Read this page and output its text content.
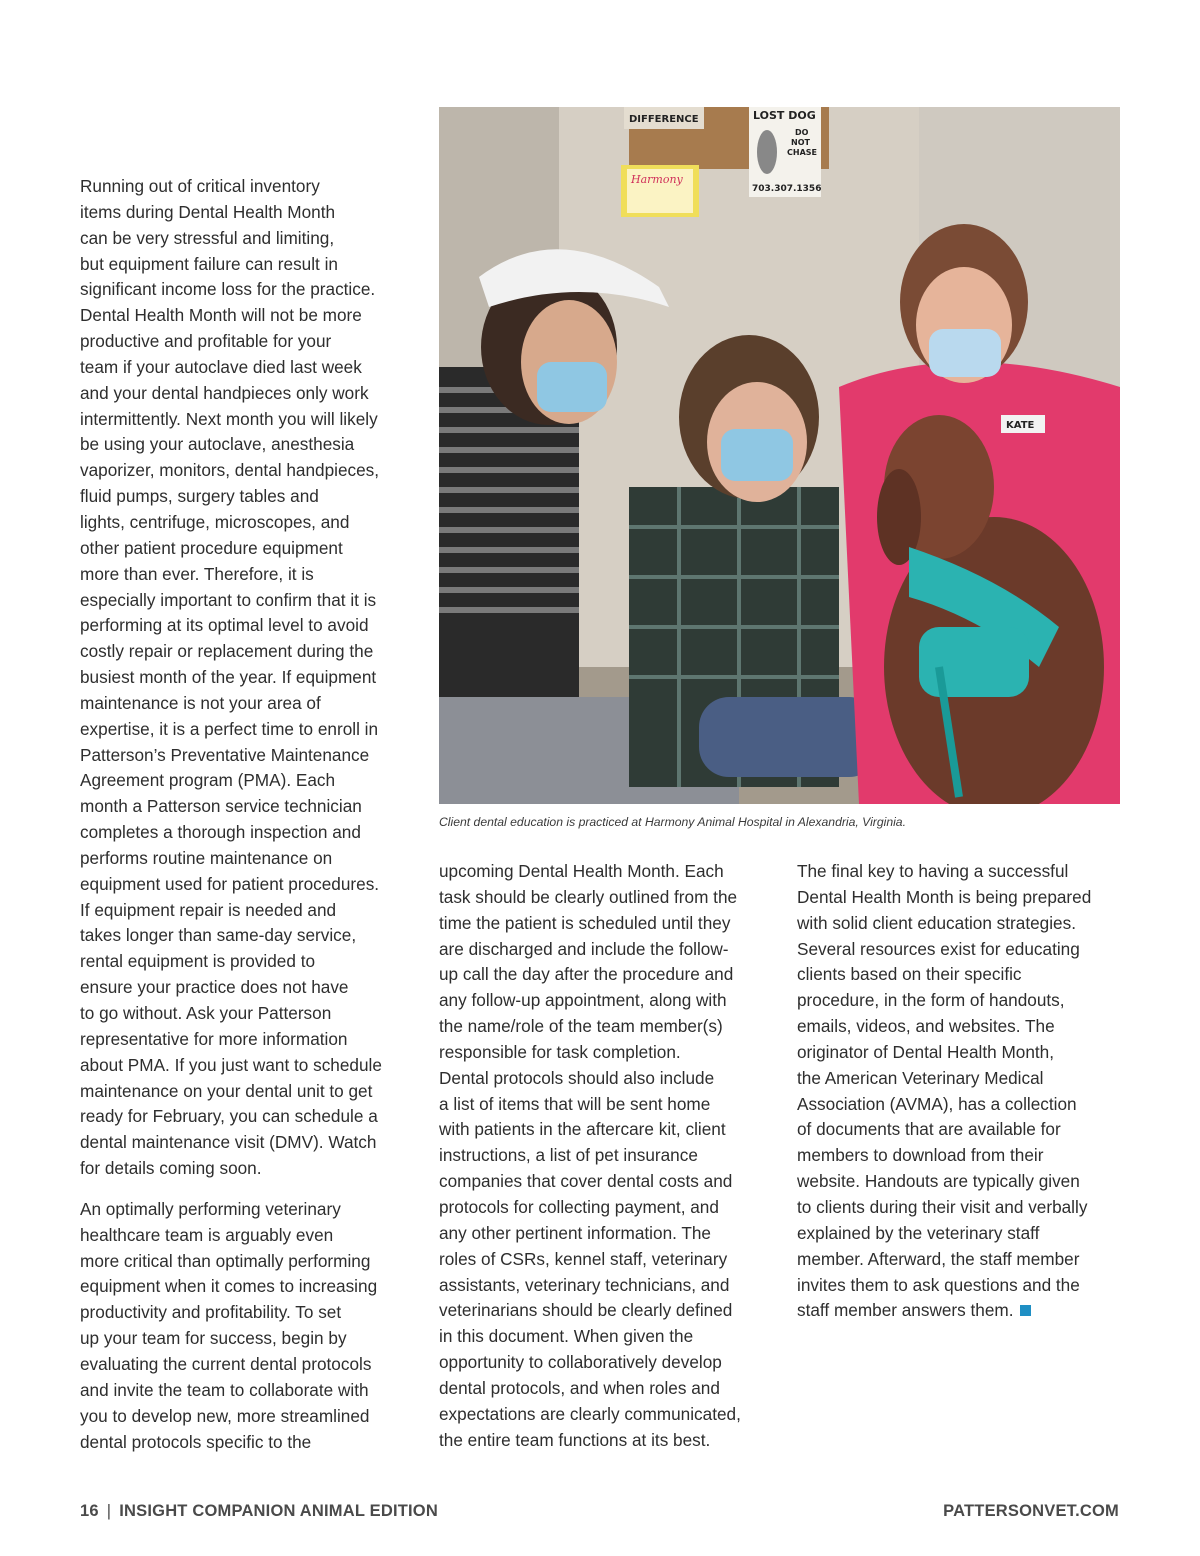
Running out of critical inventory
items during Dental Health Month
can be very stressful and limiting,
but equipment failure can result in
significant income loss for the practice.
Dental Health Month will not be more
productive and profitable for your
team if your autoclave died last week
and your dental handpieces only work
intermittently. Next month you will likely
be using your autoclave, anesthesia
vaporizer, monitors, dental handpieces,
fluid pumps, surgery tables and
lights, centrifuge, microscopes, and
other patient procedure equipment
more than ever. Therefore, it is
especially important to confirm that it is
performing at its optimal level to avoid
costly repair or replacement during the
busiest month of the year. If equipment
maintenance is not your area of
expertise, it is a perfect time to enroll in
Patterson’s Preventative Maintenance
Agreement program (PMA). Each
month a Patterson service technician
completes a thorough inspection and
performs routine maintenance on
equipment used for patient procedures.
If equipment repair is needed and
takes longer than same-day service,
rental equipment is provided to
ensure your practice does not have
to go without. Ask your Patterson
representative for more information
about PMA. If you just want to schedule
maintenance on your dental unit to get
ready for February, you can schedule a
dental maintenance visit (DMV). Watch
for details coming soon.

An optimally performing veterinary
healthcare team is arguably even
more critical than optimally performing
equipment when it comes to increasing
productivity and profitability. To set
up your team for success, begin by
evaluating the current dental protocols
and invite the team to collaborate with
you to develop new, more streamlined
dental protocols specific to the

DIFFERENCE
Harmony
LOST DOG
DO
NOT
CHASE
703.307.1356
KATE
Client dental education is practiced at Harmony Animal Hospital in Alexandria, Virginia.

upcoming Dental Health Month. Each
task should be clearly outlined from the
time the patient is scheduled until they
are discharged and include the follow-
up call the day after the procedure and
any follow-up appointment, along with
the name/role of the team member(s)
responsible for task completion.
Dental protocols should also include
a list of items that will be sent home
with patients in the aftercare kit, client
instructions, a list of pet insurance
companies that cover dental costs and
protocols for collecting payment, and
any other pertinent information. The
roles of CSRs, kennel staff, veterinary
assistants, veterinary technicians, and
veterinarians should be clearly defined
in this document. When given the
opportunity to collaboratively develop
dental protocols, and when roles and
expectations are clearly communicated,
the entire team functions at its best.

The final key to having a successful
Dental Health Month is being prepared
with solid client education strategies.
Several resources exist for educating
clients based on their specific
procedure, in the form of handouts,
emails, videos, and websites. The
originator of Dental Health Month,
the American Veterinary Medical
Association (AVMA), has a collection
of documents that are available for
members to download from their
website. Handouts are typically given
to clients during their visit and verbally
explained by the veterinary staff
member. Afterward, the staff member
invites them to ask questions and the
staff member answers them.

16 | INSIGHT COMPANION ANIMAL EDITION	PATTERSONVET.COM
